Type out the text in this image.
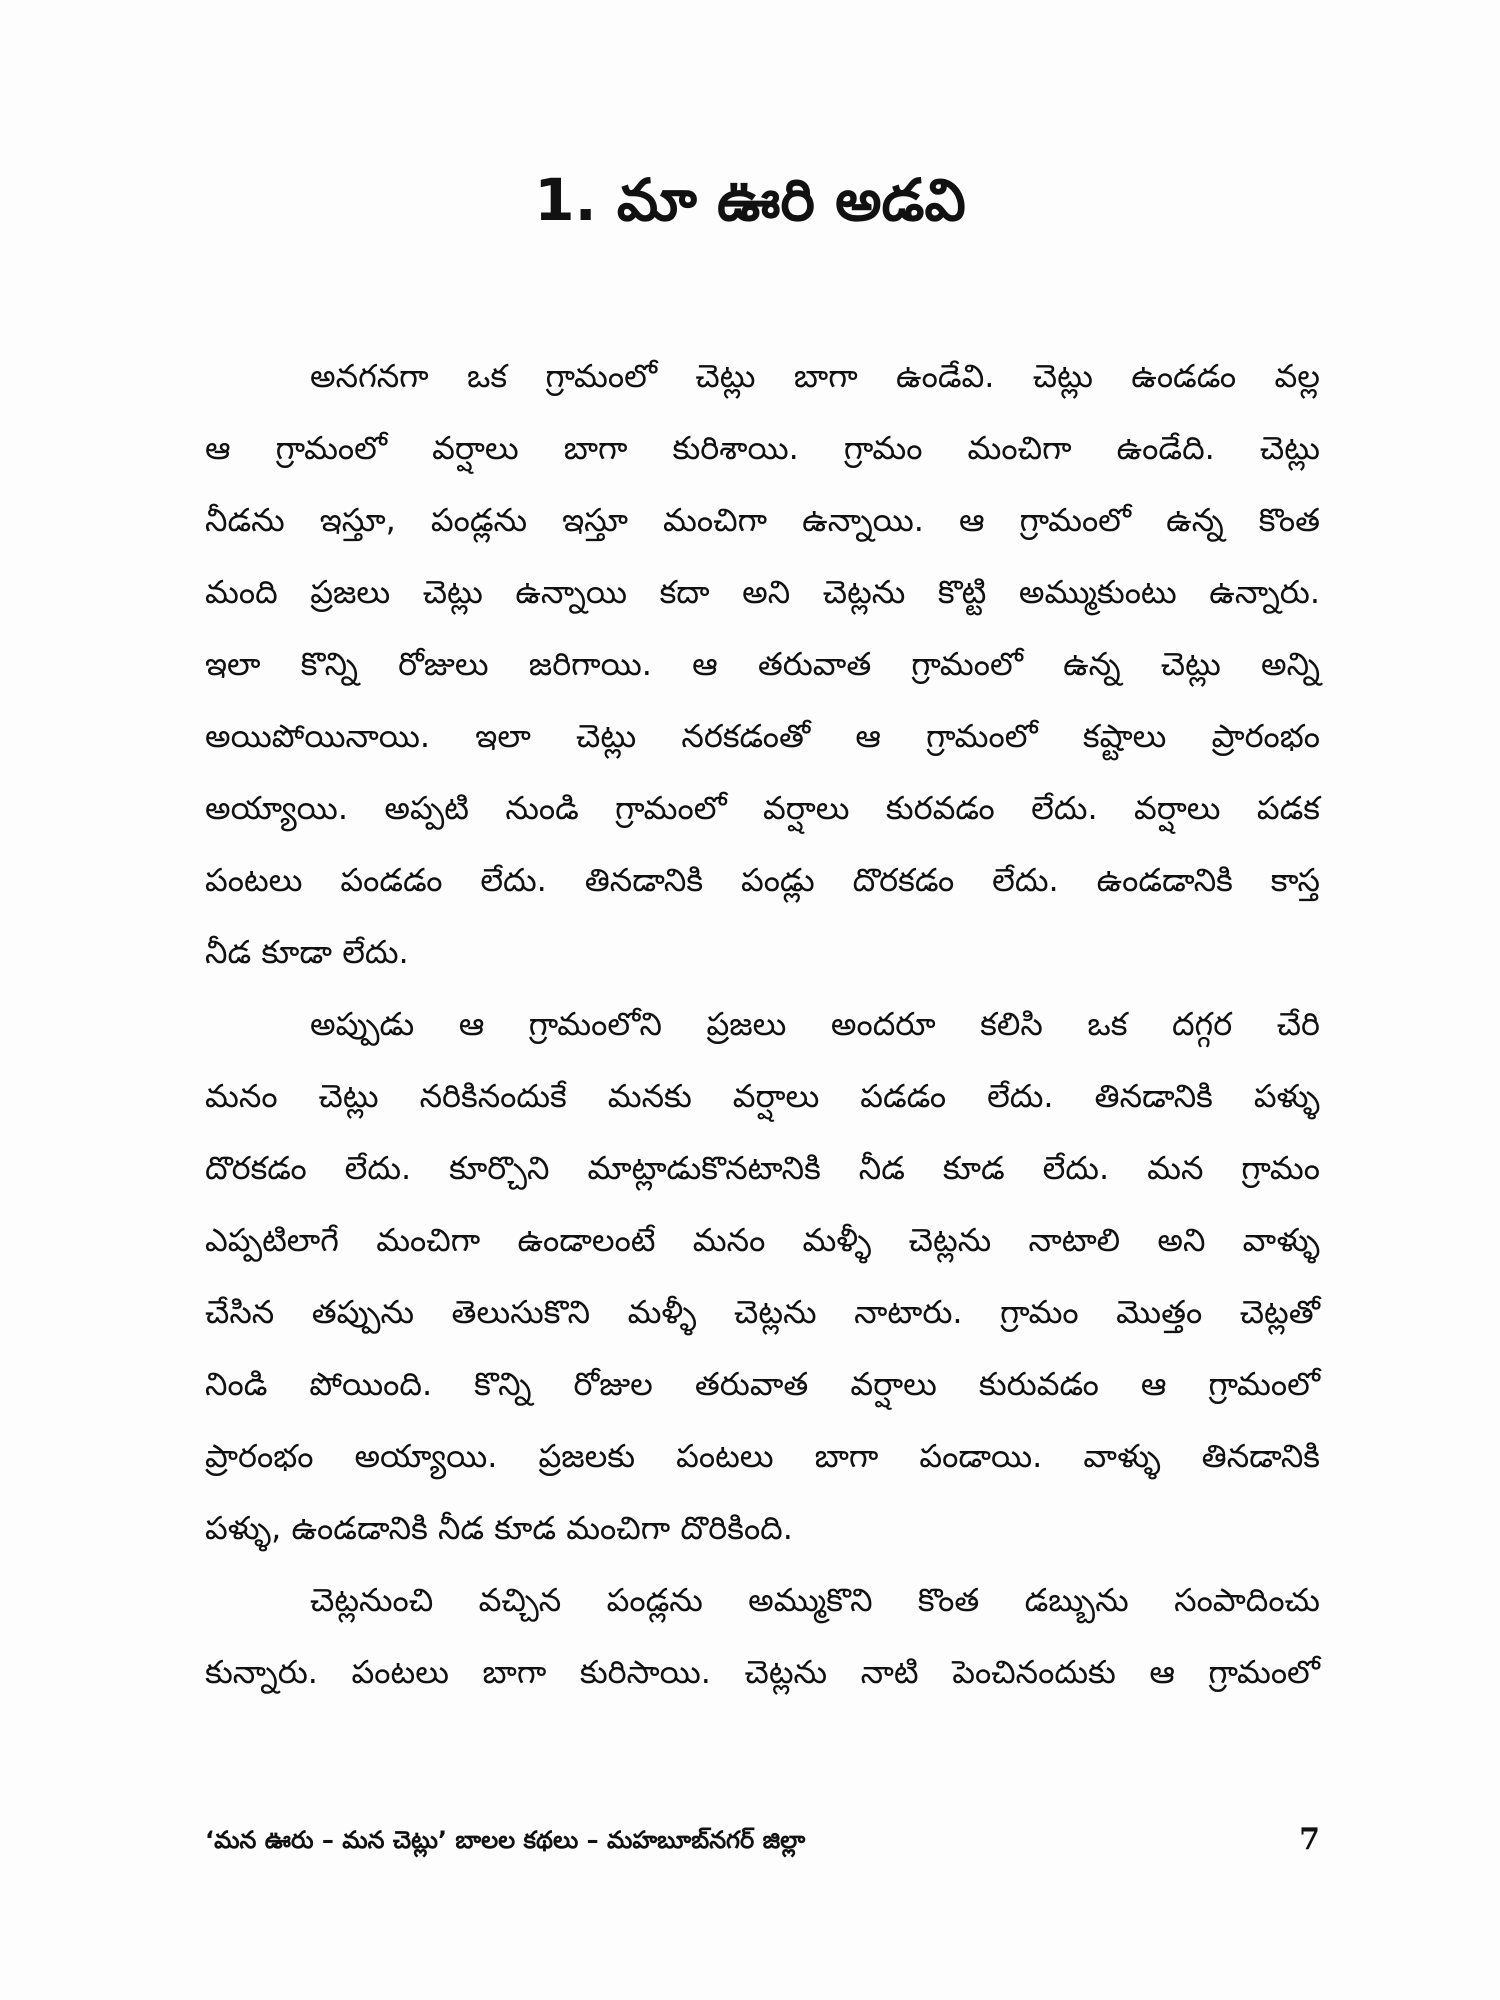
1. మా ఊరి అడవి

అనగనగా ఒక గ్రామంలో చెట్లు బాగా ఉండేవి. చెట్లు ఉండడం వల్ల
ఆ గ్రామంలో వర్షాలు బాగా కురిశాయి. గ్రామం మంచిగా ఉండేది. చెట్లు
నీడను ఇస్తూ, పండ్లను ఇస్తూ మంచిగా ఉన్నాయి. ఆ గ్రామంలో ఉన్న కొంత
మంది ప్రజలు చెట్లు ఉన్నాయి కదా అని చెట్లను కొట్టి అమ్ముకుంటు ఉన్నారు.
ఇలా కొన్ని రోజులు జరిగాయి. ఆ తరువాత గ్రామంలో ఉన్న చెట్లు అన్ని
అయిపోయినాయి. ఇలా చెట్లు నరకడంతో ఆ గ్రామంలో కష్టాలు ప్రారంభం
అయ్యాయి. అప్పటి నుండి గ్రామంలో వర్షాలు కురవడం లేదు. వర్షాలు పడక
పంటలు పండడం లేదు. తినడానికి పండ్లు దొరకడం లేదు. ఉండడానికి కాస్త
నీడ కూడా లేదు.

అప్పుడు ఆ గ్రామంలోని ప్రజలు అందరూ కలిసి ఒక దగ్గర చేరి
మనం చెట్లు నరికినందుకే మనకు వర్షాలు పడడం లేదు. తినడానికి పళ్ళు
దొరకడం లేదు. కూర్చొని మాట్లాడుకొనటానికి నీడ కూడ లేదు. మన గ్రామం
ఎప్పటిలాగే మంచిగా ఉండాలంటే మనం మళ్ళీ చెట్లను నాటాలి అని వాళ్ళు
చేసిన తప్పును తెలుసుకొని మళ్ళీ చెట్లను నాటారు. గ్రామం మొత్తం చెట్లతో
నిండి పోయింది. కొన్ని రోజుల తరువాత వర్షాలు కురువడం ఆ గ్రామంలో
ప్రారంభం అయ్యాయి. ప్రజలకు పంటలు బాగా పండాయి. వాళ్ళు తినడానికి
పళ్ళు, ఉండడానికి నీడ కూడ మంచిగా దొరికింది.

చెట్లనుంచి వచ్చిన పండ్లను అమ్ముకొని కొంత డబ్బును సంపాదించు
కున్నారు. పంటలు బాగా కురిసాయి. చెట్లను నాటి పెంచినందుకు ఆ గ్రామంలో

‘మన ఊరు – మన చెట్లు’ బాలల కథలు – మహబూబ్‌నగర్ జిల్లా	7
